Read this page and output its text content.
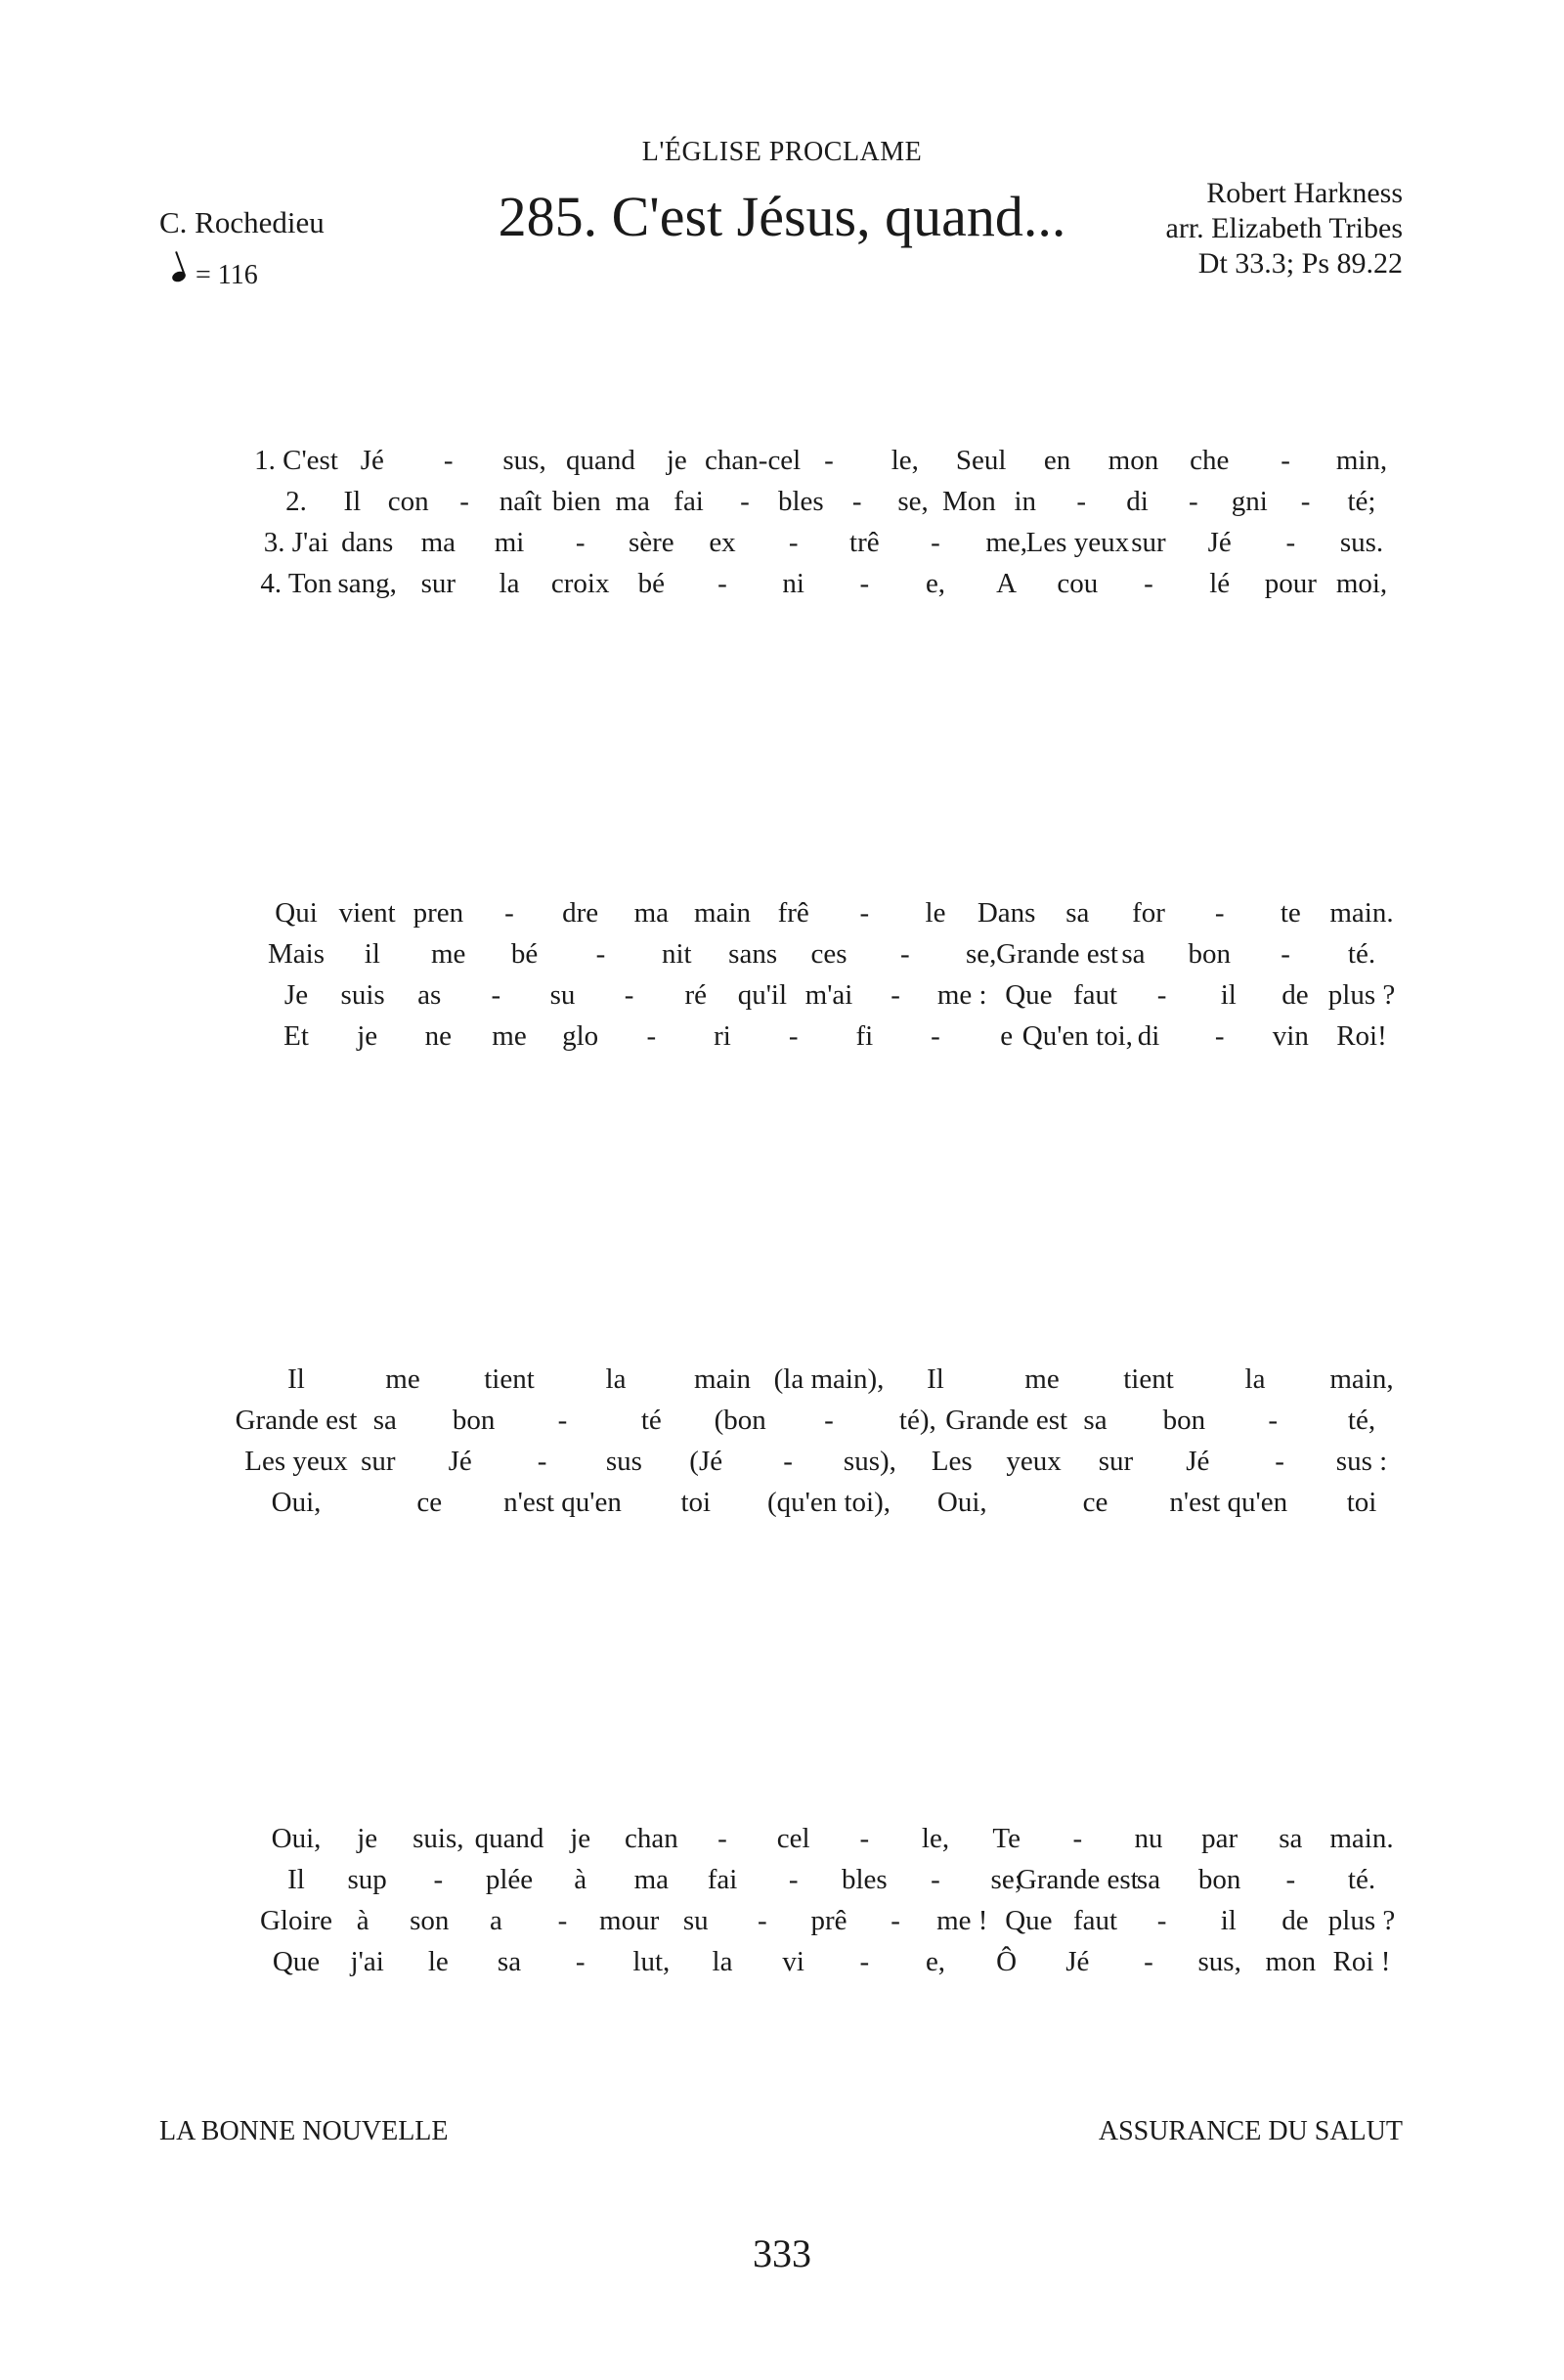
L'ÉGLISE PROCLAME
C. Rochedieu
= 116
285. C'est Jésus, quand...	Robert Harkness
arr. Elizabeth Tribes
Dt 33.3; Ps 89.22
1. C'est Jé - sus, quand je chan-cel - le, Seul en mon che - min,
2. Il con - naît bien ma fai - bles - se, Mon in - di - gni - té;
3. J'ai dans ma mi - sère ex - trê - me,
Les yeux sur Jé - sus.
4. Ton sang, sur la croix bé - ni - e, A cou - lé pour moi,
Qui vient pren - dre ma main frê - le Dans sa for - te main.
Mais il me bé - nit sans ces - se, Grande est sa bon - té.
Je suis as - su - ré qu'il m'ai - me : Que faut - il de plus ?
Et je ne me glo - ri - fi - e Qu'en toi, di - vin Roi!
Il	me tient	la main (la main), Il	me tient	la main,
Grande est sa bon -	té (bon - té), Grande est sa bon - té,
Les yeux sur Jé - sus (Jé - sus), Les yeux sur Jé - sus :
Oui,	ce n'est qu'en toi (qu'en toi), Oui,	ce n'est qu'en toi
Oui, je suis, quand je chan - cel - le, Te - nu par sa main.
Il sup - plée à ma fai - bles - se;
Grande est
sa bon - té.
Gloire à son a - mour su - prê - me ! Que faut - il de plus ?
Que j'ai le sa - lut, la vi - e, Ô Jé - sus, mon Roi !
LA BONNE NOUVELLE	ASSURANCE DU SALUT
333
